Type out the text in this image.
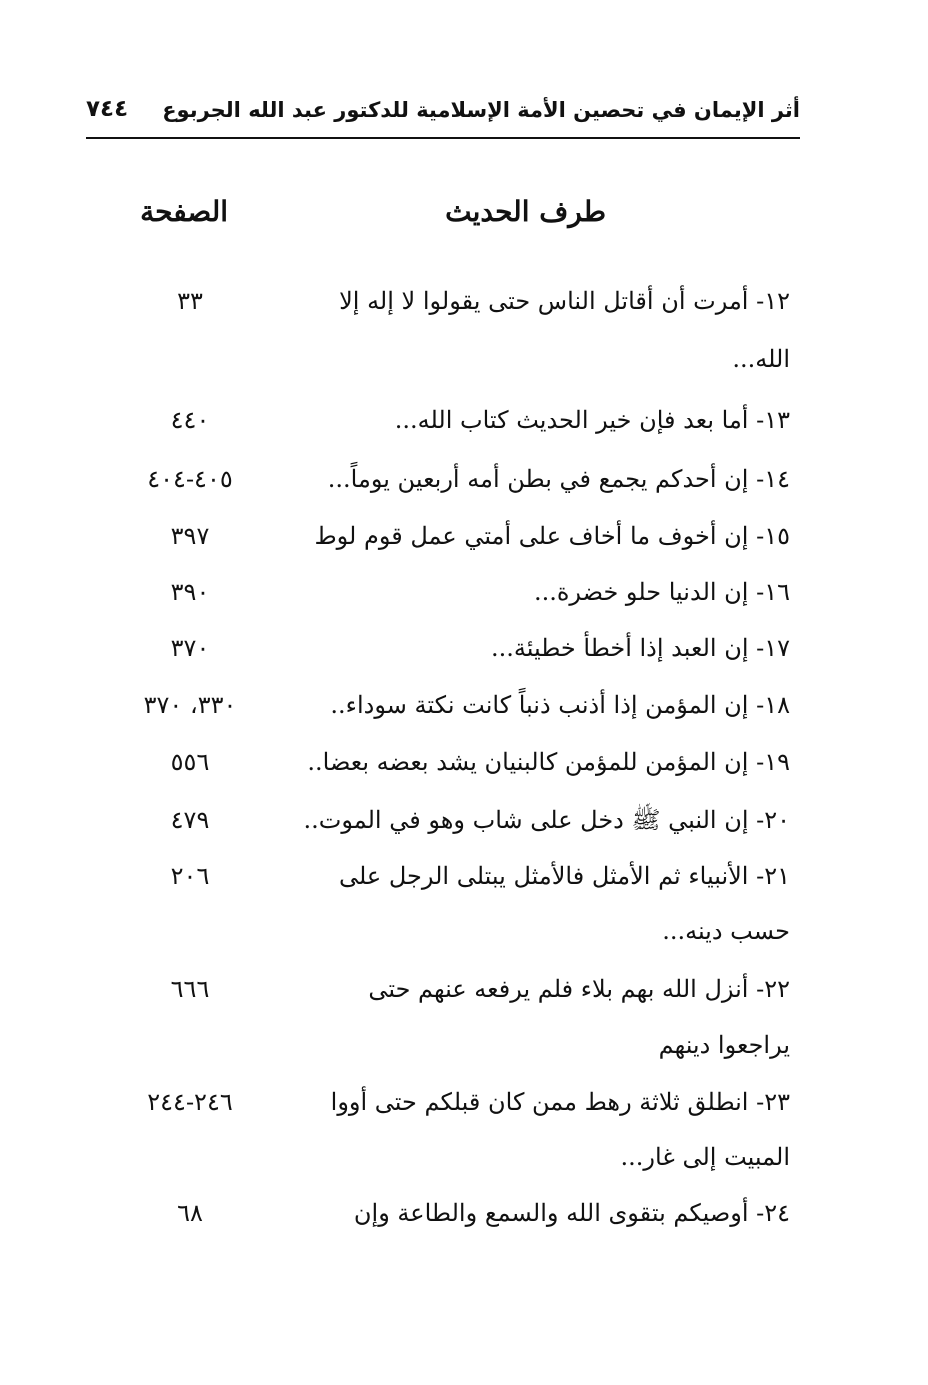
أثر الإيمان في تحصين الأمة الإسلامية للدكتور عبد الله الجربوع
٧٤٤
طرف الحديث
الصفحة
١٢- أمرت أن أقاتل الناس حتى يقولوا لا إله إلا
٣٣
الله...
١٣- أما بعد فإن خير الحديث كتاب الله...
٤٤٠
١٤- إن أحدكم يجمع في بطن أمه أربعين يوماً...
٤٠٥-٤٠٤
١٥- إن أخوف ما أخاف على أمتي عمل قوم لوط
٣٩٧
١٦- إن الدنيا حلو خضرة...
٣٩٠
١٧- إن العبد إذا أخطأ خطيئة...
٣٧٠
١٨- إن المؤمن إذا أذنب ذنباً كانت نكتة سوداء..
٣٣٠، ٣٧٠
١٩- إن المؤمن للمؤمن كالبنيان يشد بعضه بعضا..
٥٥٦
٢٠- إن النبي ﷺ دخل على شاب وهو في الموت..
٤٧٩
٢١- الأنبياء ثم الأمثل فالأمثل يبتلى الرجل على
٢٠٦
حسب دينه...
٢٢- أنزل الله بهم بلاء فلم يرفعه عنهم حتى
٦٦٦
يراجعوا دينهم
٢٣- انطلق ثلاثة رهط ممن كان قبلكم حتى أووا
٢٤٦-٢٤٤
المبيت إلى غار...
٢٤- أوصيكم بتقوى الله والسمع والطاعة وإن
٦٨
